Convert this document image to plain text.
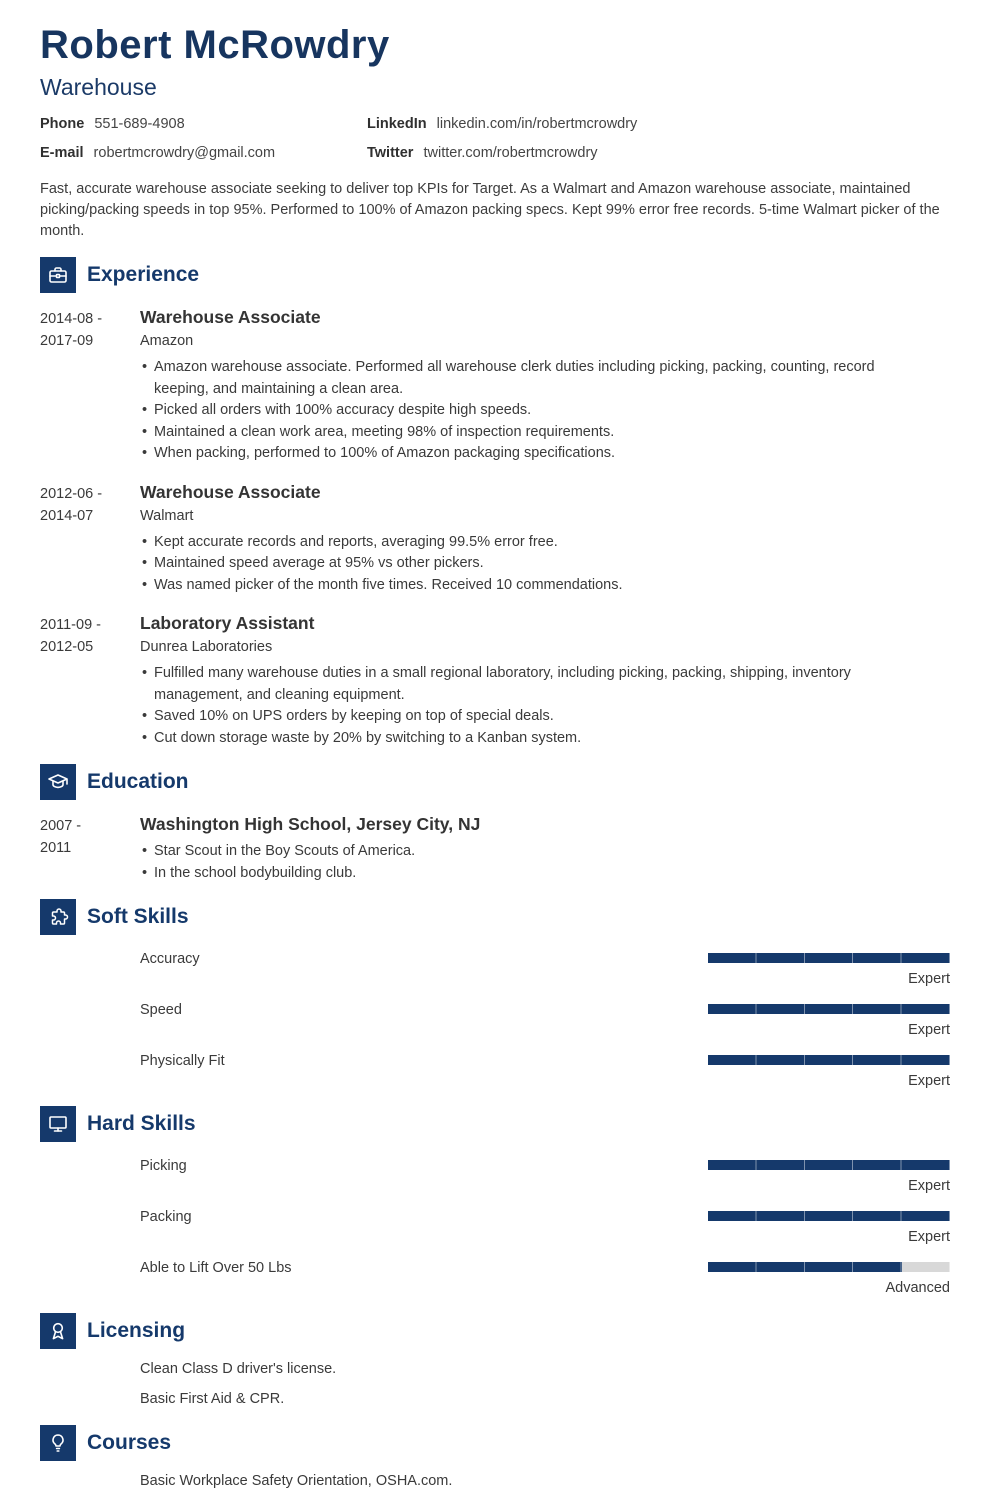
Robert McRowdry
Warehouse
Phone 551-689-4908
E-mail robertmcrowdry@gmail.com
LinkedIn linkedin.com/in/robertmcrowdry
Twitter twitter.com/robertmcrowdry

Fast, accurate warehouse associate seeking to deliver top KPIs for Target. As a Walmart and Amazon warehouse associate, maintained picking/packing speeds in top 95%. Performed to 100% of Amazon packing specs. Kept 99% error free records. 5-time Walmart picker of the month.

Experience
2014-08 -
2017-09
Warehouse Associate
Amazon
• Amazon warehouse associate. Performed all warehouse clerk duties including picking, packing, counting, record keeping, and maintaining a clean area.
• Picked all orders with 100% accuracy despite high speeds.
• Maintained a clean work area, meeting 98% of inspection requirements.
• When packing, performed to 100% of Amazon packaging specifications.
2012-06 -
2014-07
Warehouse Associate
Walmart
• Kept accurate records and reports, averaging 99.5% error free.
• Maintained speed average at 95% vs other pickers.
• Was named picker of the month five times. Received 10 commendations.
2011-09 -
2012-05
Laboratory Assistant
Dunrea Laboratories
• Fulfilled many warehouse duties in a small regional laboratory, including picking, packing, shipping, inventory management, and cleaning equipment.
• Saved 10% on UPS orders by keeping on top of special deals.
• Cut down storage waste by 20% by switching to a Kanban system.
Education
2007 -
2011
Washington High School, Jersey City, NJ
• Star Scout in the Boy Scouts of America.
• In the school bodybuilding club.
Soft Skills
Accuracy
Expert
Speed
Expert
Physically Fit
Expert
Hard Skills
Picking
Expert
Packing
Expert
Able to Lift Over 50 Lbs
Advanced
Licensing

Clean Class D driver's license.

Basic First Aid & CPR.

Courses

Basic Workplace Safety Orientation, OSHA.com.
